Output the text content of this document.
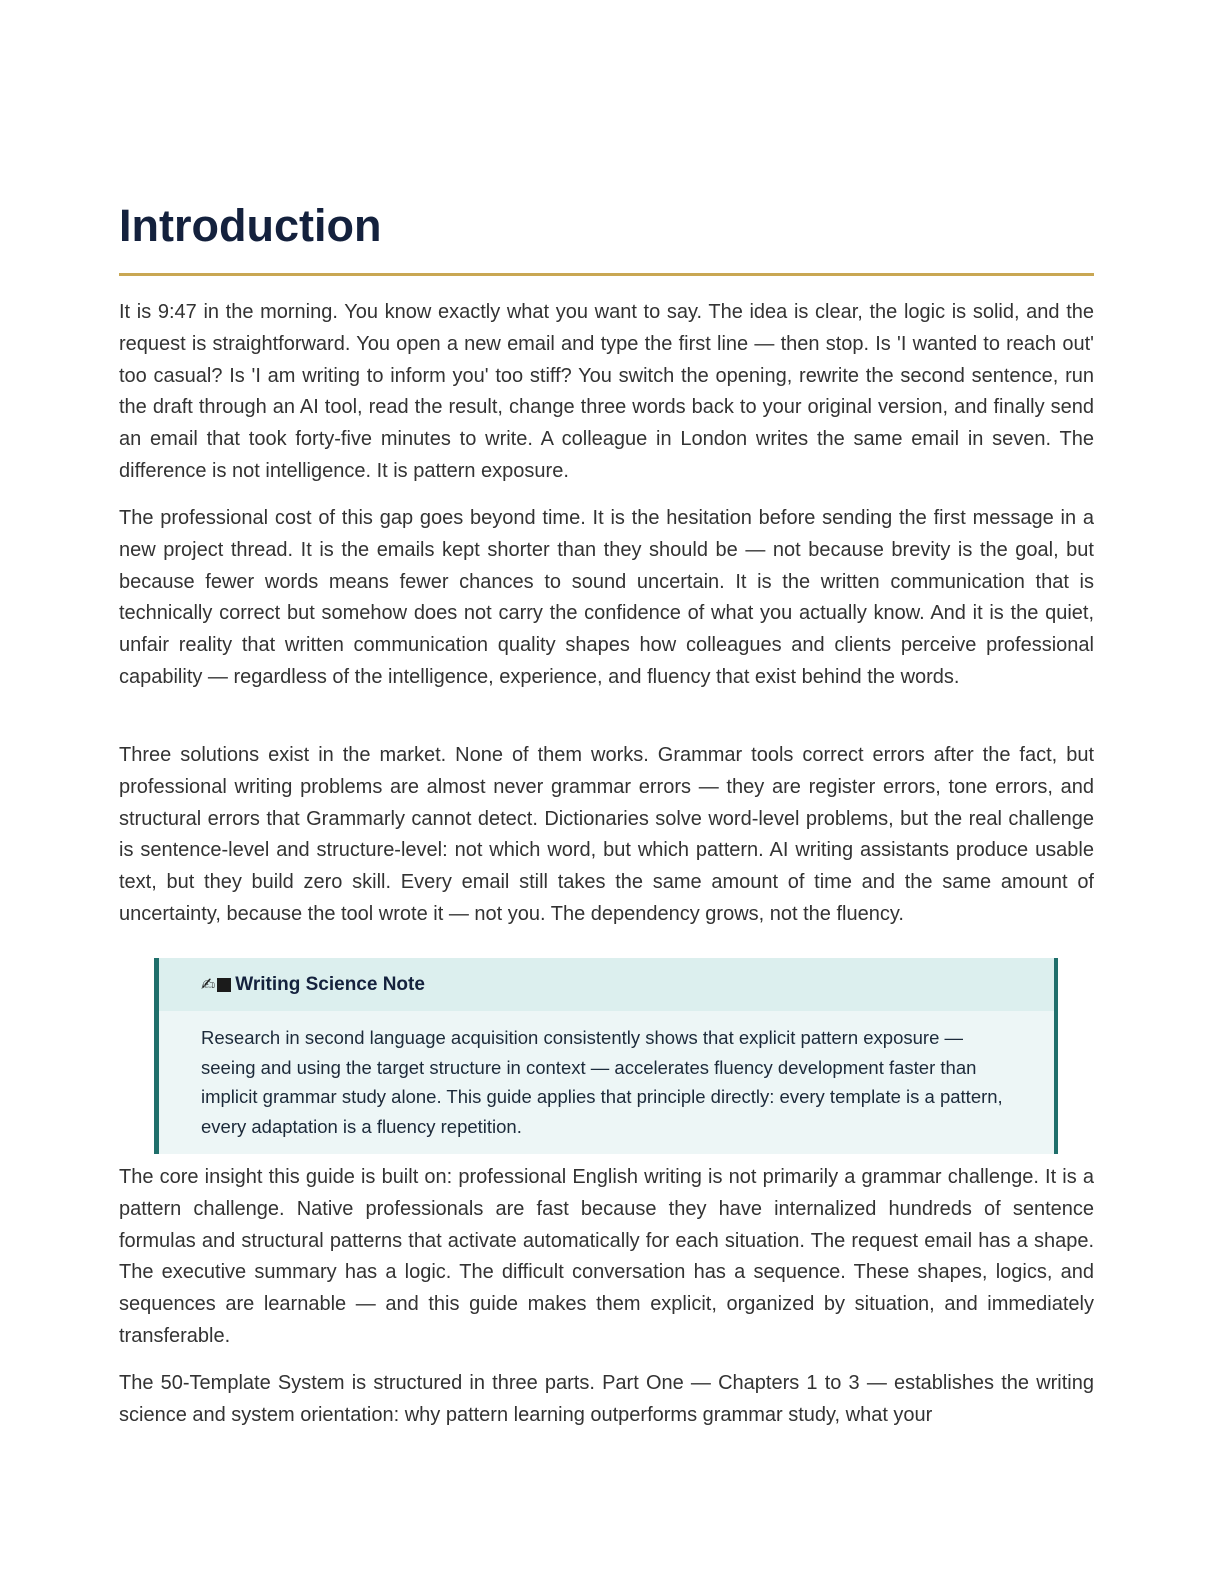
Introduction

It is 9:47 in the morning. You know exactly what you want to say. The idea is clear, the logic is solid, and the request is straightforward. You open a new email and type the first line — then stop. Is 'I wanted to reach out' too casual? Is 'I am writing to inform you' too stiff? You switch the opening, rewrite the second sentence, run the draft through an AI tool, read the result, change three words back to your original version, and finally send an email that took forty-five minutes to write. A colleague in London writes the same email in seven. The difference is not intelligence. It is pattern exposure.

The professional cost of this gap goes beyond time. It is the hesitation before sending the first message in a new project thread. It is the emails kept shorter than they should be — not because brevity is the goal, but because fewer words means fewer chances to sound uncertain. It is the written communication that is technically correct but somehow does not carry the confidence of what you actually know. And it is the quiet, unfair reality that written communication quality shapes how colleagues and clients perceive professional capability — regardless of the intelligence, experience, and fluency that exist behind the words.

Three solutions exist in the market. None of them works. Grammar tools correct errors after the fact, but professional writing problems are almost never grammar errors — they are register errors, tone errors, and structural errors that Grammarly cannot detect. Dictionaries solve word-level problems, but the real challenge is sentence-level and structure-level: not which word, but which pattern. AI writing assistants produce usable text, but they build zero skill. Every email still takes the same amount of time and the same amount of uncertainty, because the tool wrote it — not you. The dependency grows, not the fluency.

The core insight this guide is built on: professional English writing is not primarily a grammar challenge. It is a pattern challenge. Native professionals are fast because they have internalized hundreds of sentence formulas and structural patterns that activate automatically for each situation. The request email has a shape. The executive summary has a logic. The difficult conversation has a sequence. These shapes, logics, and sequences are learnable — and this guide makes them explicit, organized by situation, and immediately transferable.

The 50-Template System is structured in three parts. Part One — Chapters 1 to 3 — establishes the writing science and system orientation: why pattern learning outperforms grammar study, what your

✍ Writing Science Note

Research in second language acquisition consistently shows that explicit pattern exposure — seeing and using the target structure in context — accelerates fluency development faster than implicit grammar study alone. This guide applies that principle directly: every template is a pattern, every adaptation is a fluency repetition.
